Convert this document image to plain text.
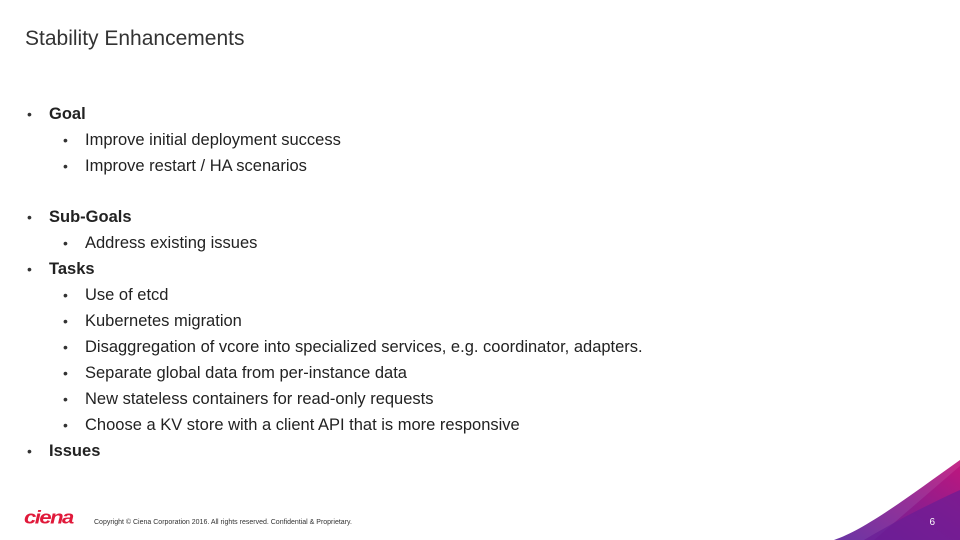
Stability Enhancements
• Goal
• Improve initial deployment success
• Improve restart / HA scenarios
• Sub-Goals
• Address existing issues
• Tasks
• Use of etcd
• Kubernetes migration
• Disaggregation of vcore into specialized services, e.g. coordinator, adapters.
• Separate global data from per-instance data
• New stateless containers for read-only requests
• Choose a KV store with a client API that is more responsive
• Issues
ciena	Copyright © Ciena Corporation 2016. All rights reserved. Confidential & Proprietary.	6
